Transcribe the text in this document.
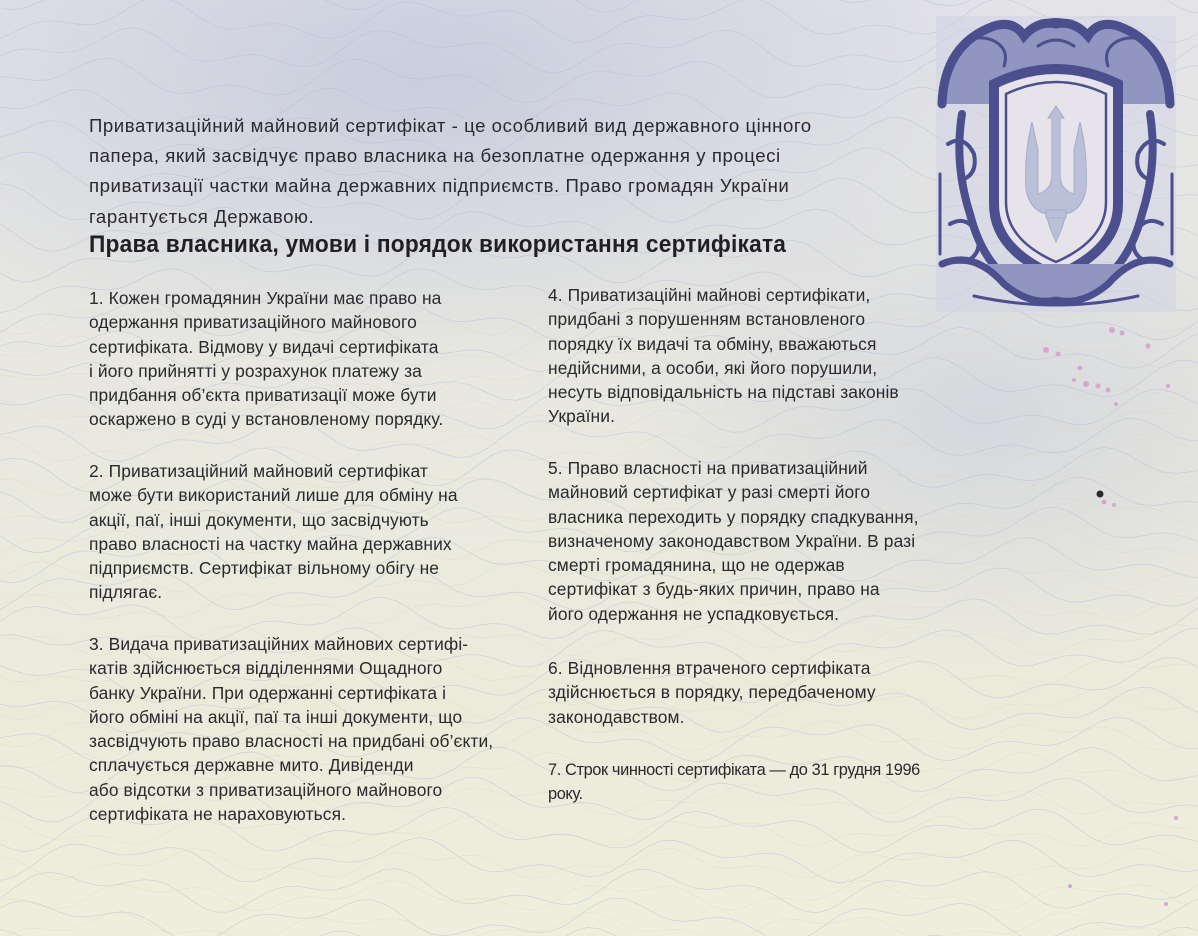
Приватизаційний майновий сертифікат - це особливий вид державного цінного
папера, який засвідчує право власника на безоплатне одержання у процесі
приватизації частки майна державних підприємств. Право громадян України
гарантується Державою.

Права власника, умови і порядок використання сертифіката

1. Кожен громадянин України має право на
одержання приватизаційного майнового
сертифіката. Відмову у видачі сертифіката
і його прийнятті у розрахунок платежу за
придбання об’єкта приватизації може бути
оскаржено в суді у встановленому порядку.

2. Приватизаційний майновий сертифікат
може бути використаний лише для обміну на
акції, паї, інші документи, що засвідчують
право власності на частку майна державних
підприємств. Сертифікат вільному обігу не
підлягає.

3. Видача приватизаційних майнових сертифі-
катів здійснюється відділеннями Ощадного
банку України. При одержанні сертифіката і
його обміні на акції, паї та інші документи, що
засвідчують право власності на придбані об’єкти,
сплачується державне мито. Дивіденди
або відсотки з приватизаційного майнового
сертифіката не нараховуються.

4. Приватизаційні майнові сертифікати,
придбані з порушенням встановленого
порядку їх видачі та обміну, вважаються
недійсними, а особи, які його порушили,
несуть відповідальність на підставі законів
України.

5. Право власності на приватизаційний
майновий сертифікат у разі смерті його
власника переходить у порядку спадкування,
визначеному законодавством України. В разі
смерті громадянина, що не одержав
сертифікат з будь-яких причин, право на
його одержання не успадковується.

6. Відновлення втраченого сертифіката
здійснюється в порядку, передбаченому
законодавством.

7. Строк чинності сертифіката — до 31 грудня 1996
року.
